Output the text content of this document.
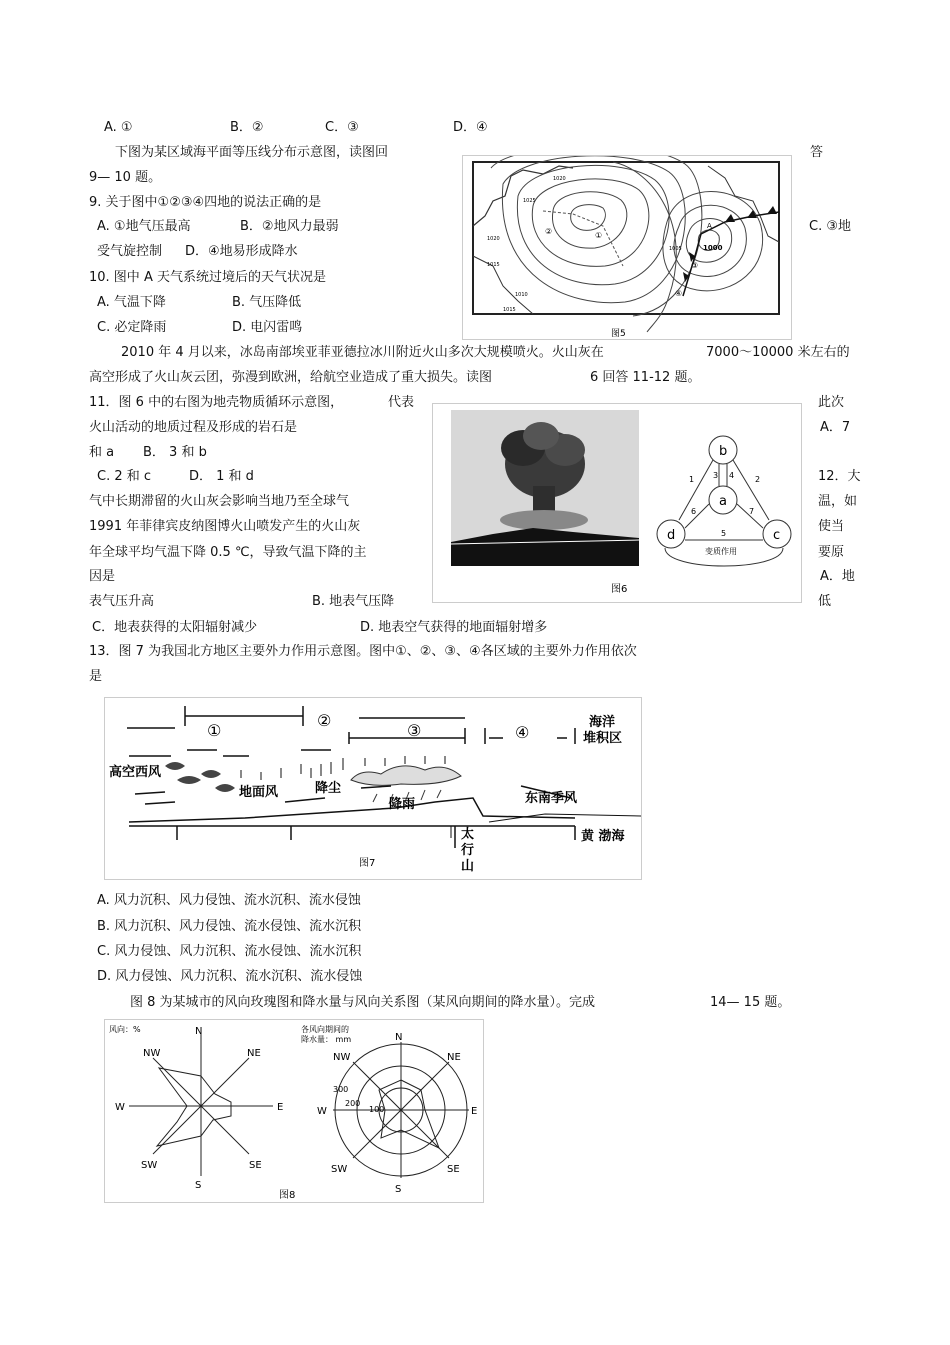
A. ①	B．②	C．③	D．④
下图为某区域海平面等压线分布示意图，读图回	答
9— 10 题。
9. 关于图中①②③④四地的说法正确的是
A. ①地气压最高	B．②地风力最弱	C. ③地
受气旋控制 D．④地易形成降水
10. 图中 A 天气系统过境后的天气状况是
A. 气温下降	B. 气压降低
C. 必定降雨	D. 电闪雷鸣
1020
1025
1020
1015
1010
1015
1005	1000
②	①
③
④
A
图5
2010 年 4 月以来，冰岛南部埃亚菲亚德拉冰川附近火山多次大规模喷火。火山灰在	7000～10000 米左右的
高空形成了火山灰云团，弥漫到欧洲，给航空业造成了重大损失。读图	6 回答 11-12 题。
11．图 6 中的右图为地壳物质循环示意图，	代表	此次
火山活动的地质过程及形成的岩石是	A．7
和 a B． 3 和 b
C. 2 和 c	D． 1 和 d	12．大
气中长期滞留的火山灰会影响当地乃至全球气	温，如
1991 年菲律宾皮纳图博火山喷发产生的火山灰	使当
年全球平均气温下降 0.5 ℃，导致气温下降的主	要原
因是	A．地
表气压升高	B. 地表气压降	低
C．地表获得的太阳辐射减少	D. 地表空气获得的地面辐射增多
b
a
c
d
1	2
3 4
5
6	7
变质作用
图6
13．图 7 为我国北方地区主要外力作用示意图。图中①、②、③、④各区域的主要外力作用依次
是
①
②
③	④
海洋
堆积区
高空西风
地面风	降尘
降雨	东南季风
太
行
山
黄 渤海
图7
A. 风力沉积、风力侵蚀、流水沉积、流水侵蚀
B. 风力沉积、风力侵蚀、流水侵蚀、流水沉积
C. 风力侵蚀、风力沉积、流水侵蚀、流水沉积
D. 风力侵蚀、风力沉积、流水沉积、流水侵蚀
图 8 为某城市的风向玫瑰图和降水量与风向关系图（某风向期间的降水量）。完成	14— 15 题。
风向：%	N
NE
E
SE
S
SW
W
NW
各风向期间的
降水量： mm	N
NE
E
SE
S
SW
W
NW
100
200
300
图8
